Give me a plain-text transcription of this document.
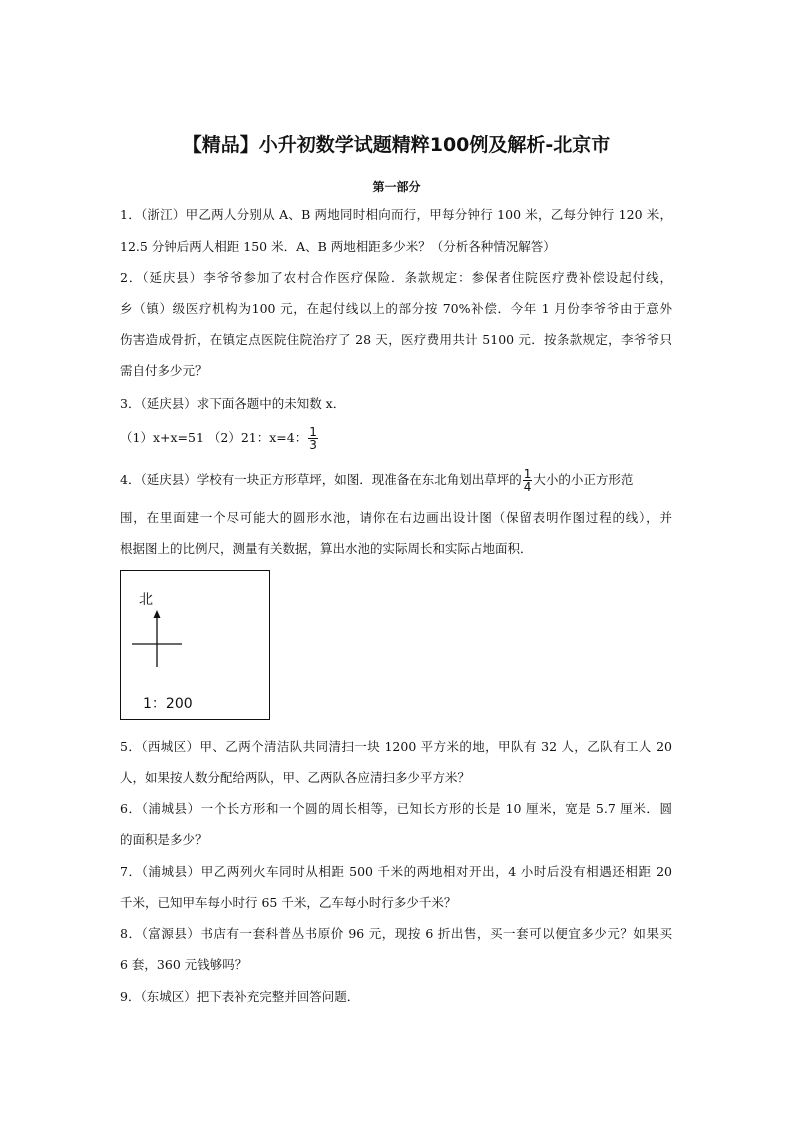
【精品】小升初数学试题精粹100例及解析-北京市
第一部分
1．（浙江）甲乙两人分别从 A、B 两地同时相向而行，甲每分钟行 100 米，乙每分钟行 120 米，
12.5 分钟后两人相距 150 米．A、B 两地相距多少米？（分析各种情况解答）
2．（延庆县）李爷爷参加了农村合作医疗保险．条款规定：参保者住院医疗费补偿设起付线，
乡（镇）级医疗机构为100 元，在起付线以上的部分按 70%补偿．今年 1 月份李爷爷由于意外
伤害造成骨折，在镇定点医院住院治疗了 28 天，医疗费用共计 5100 元．按条款规定，李爷爷只
需自付多少元？
3．（延庆县）求下面各题中的未知数 x．
（1）x+x=51 （2）21：x=4： $\frac{1}{3}$
4．（延庆县）学校有一块正方形草坪，如图．现准备在东北角划出草坪的 $\frac{1}{4}$ 大小的小正方形范
围，在里面建一个尽可能大的圆形水池，请你在右边画出设计图（保留表明作图过程的线），并
根据图上的比例尺，测量有关数据，算出水池的实际周长和实际占地面积．
北
1：200
5．（西城区）甲、乙两个清洁队共同清扫一块 1200 平方米的地，甲队有 32 人，乙队有工人 20
人，如果按人数分配给两队，甲、乙两队各应清扫多少平方米？
6．（浦城县）一个长方形和一个圆的周长相等，已知长方形的长是 10 厘米，宽是 5.7 厘米．圆
的面积是多少？
7．（浦城县）甲乙两列火车同时从相距 500 千米的两地相对开出，4 小时后没有相遇还相距 20
千米，已知甲车每小时行 65 千米，乙车每小时行多少千米？
8．（富源县）书店有一套科普丛书原价 96 元，现按 6 折出售，买一套可以便宜多少元？如果买
6 套，360 元钱够吗？
9．（东城区）把下表补充完整并回答问题．
